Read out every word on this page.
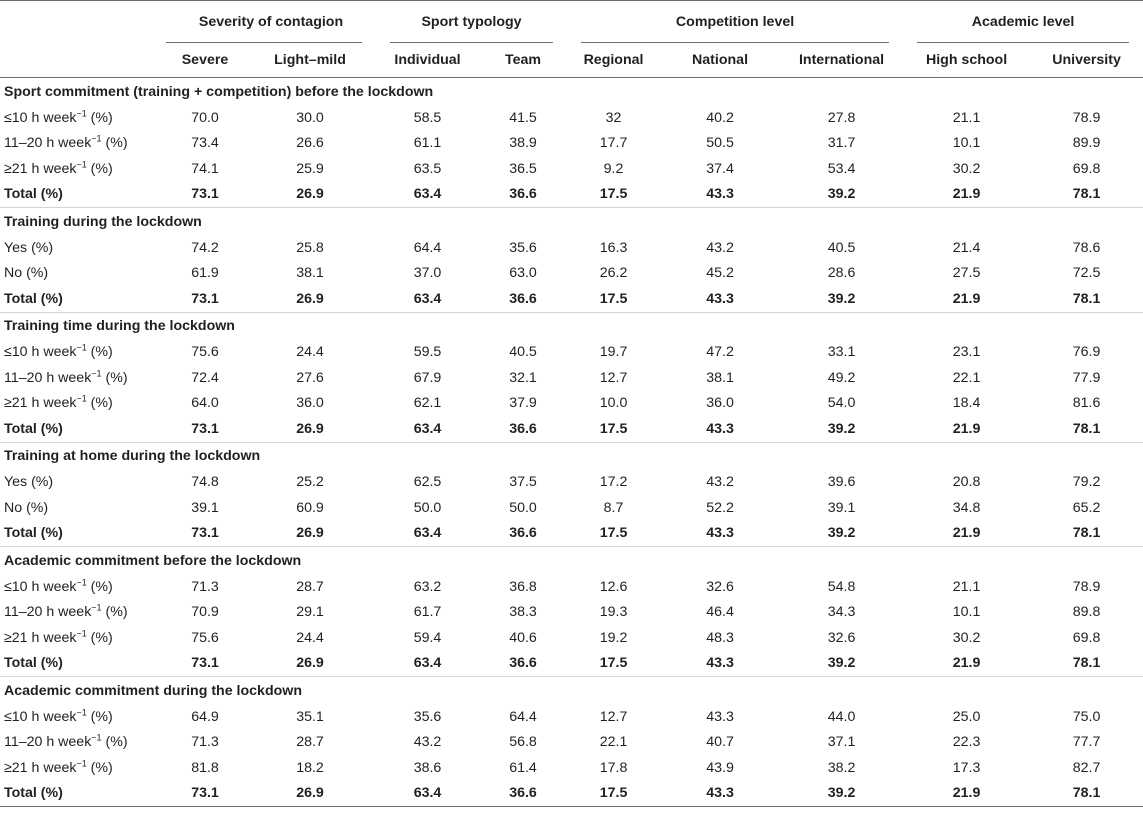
	Severity of contagion		Sport typology		Competition level			Academic level	
	Severe	Light–mild	Individual	Team	Regional	National	International	High school	University
Sport commitment (training + competition) before the lockdown									
≤10 h week$^{-1}$ (%)	70.0	30.0	58.5	41.5	32	40.2	27.8	21.1	78.9
11–20 h week$^{-1}$ (%)	73.4	26.6	61.1	38.9	17.7	50.5	31.7	10.1	89.9
≥21 h week$^{-1}$ (%)	74.1	25.9	63.5	36.5	9.2	37.4	53.4	30.2	69.8
Total (%)	73.1	26.9	63.4	36.6	17.5	43.3	39.2	21.9	78.1
Training during the lockdown									
Yes (%)	74.2	25.8	64.4	35.6	16.3	43.2	40.5	21.4	78.6
No (%)	61.9	38.1	37.0	63.0	26.2	45.2	28.6	27.5	72.5
Total (%)	73.1	26.9	63.4	36.6	17.5	43.3	39.2	21.9	78.1
Training time during the lockdown									
≤10 h week$^{-1}$ (%)	75.6	24.4	59.5	40.5	19.7	47.2	33.1	23.1	76.9
11–20 h week$^{-1}$ (%)	72.4	27.6	67.9	32.1	12.7	38.1	49.2	22.1	77.9
≥21 h week$^{-1}$ (%)	64.0	36.0	62.1	37.9	10.0	36.0	54.0	18.4	81.6
Total (%)	73.1	26.9	63.4	36.6	17.5	43.3	39.2	21.9	78.1
Training at home during the lockdown									
Yes (%)	74.8	25.2	62.5	37.5	17.2	43.2	39.6	20.8	79.2
No (%)	39.1	60.9	50.0	50.0	8.7	52.2	39.1	34.8	65.2
Total (%)	73.1	26.9	63.4	36.6	17.5	43.3	39.2	21.9	78.1
Academic commitment before the lockdown									
≤10 h week$^{-1}$ (%)	71.3	28.7	63.2	36.8	12.6	32.6	54.8	21.1	78.9
11–20 h week$^{-1}$ (%)	70.9	29.1	61.7	38.3	19.3	46.4	34.3	10.1	89.8
≥21 h week$^{-1}$ (%)	75.6	24.4	59.4	40.6	19.2	48.3	32.6	30.2	69.8
Total (%)	73.1	26.9	63.4	36.6	17.5	43.3	39.2	21.9	78.1
Academic commitment during the lockdown									
≤10 h week$^{-1}$ (%)	64.9	35.1	35.6	64.4	12.7	43.3	44.0	25.0	75.0
11–20 h week$^{-1}$ (%)	71.3	28.7	43.2	56.8	22.1	40.7	37.1	22.3	77.7
≥21 h week$^{-1}$ (%)	81.8	18.2	38.6	61.4	17.8	43.9	38.2	17.3	82.7
Total (%)	73.1	26.9	63.4	36.6	17.5	43.3	39.2	21.9	78.1
